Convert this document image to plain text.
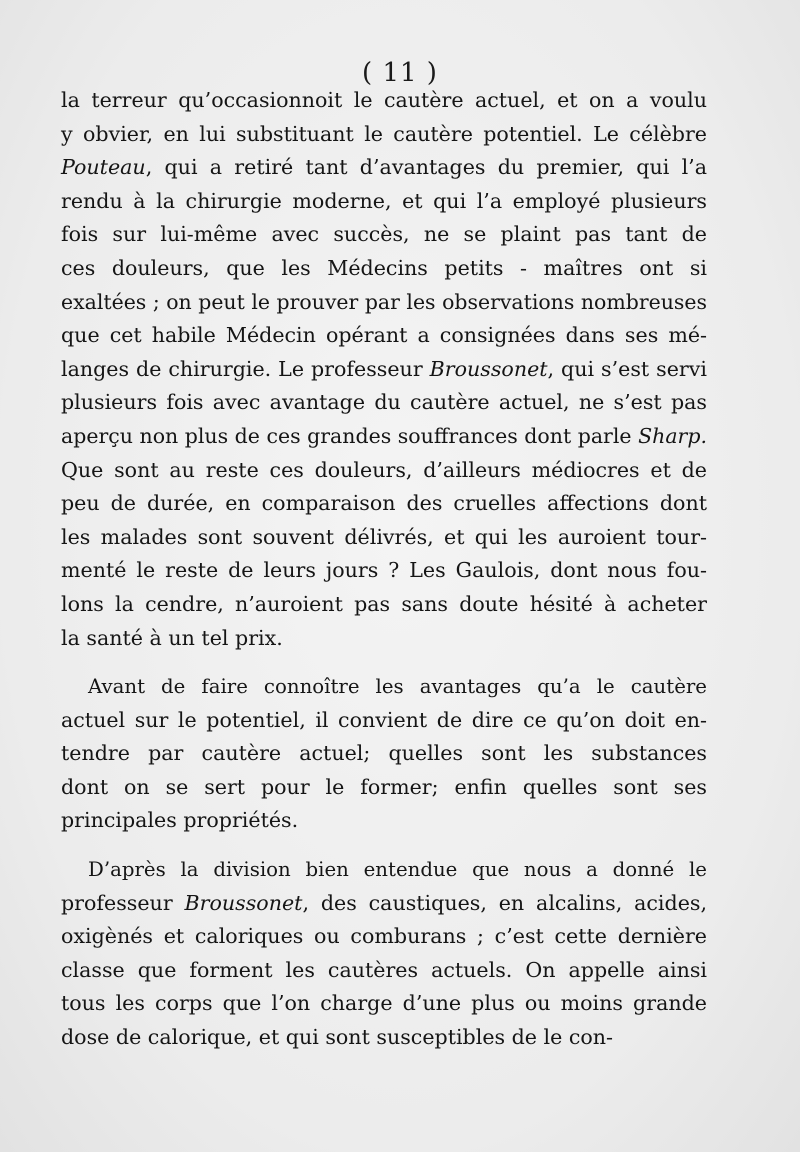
( 11 )
la terreur qu’occasionnoit le cautère actuel, et on a voulu
y obvier, en lui substituant le cautère potentiel. Le célèbre
Pouteau, qui a retiré tant d’avantages du premier, qui l’a
rendu à la chirurgie moderne, et qui l’a employé plusieurs
fois sur lui-même avec succès, ne se plaint pas tant de
ces douleurs, que les Médecins petits - maîtres ont si
exaltées ; on peut le prouver par les observations nombreuses
que cet habile Médecin opérant a consignées dans ses mé-
langes de chirurgie. Le professeur Broussonet, qui s’est servi
plusieurs fois avec avantage du cautère actuel, ne s’est pas
aperçu non plus de ces grandes souffrances dont parle Sharp.
Que sont au reste ces douleurs, d’ailleurs médiocres et de
peu de durée, en comparaison des cruelles affections dont
les malades sont souvent délivrés, et qui les auroient tour-
menté le reste de leurs jours ? Les Gaulois, dont nous fou-
lons la cendre, n’auroient pas sans doute hésité à acheter
la santé à un tel prix.
Avant de faire connoître les avantages qu’a le cautère
actuel sur le potentiel, il convient de dire ce qu’on doit en-
tendre par cautère actuel; quelles sont les substances
dont on se sert pour le former; enfin quelles sont ses
principales propriétés.
D’après la division bien entendue que nous a donné le
professeur Broussonet, des caustiques, en alcalins, acides,
oxigènés et caloriques ou comburans ; c’est cette dernière
classe que forment les cautères actuels. On appelle ainsi
tous les corps que l’on charge d’une plus ou moins grande
dose de calorique, et qui sont susceptibles de le con-
